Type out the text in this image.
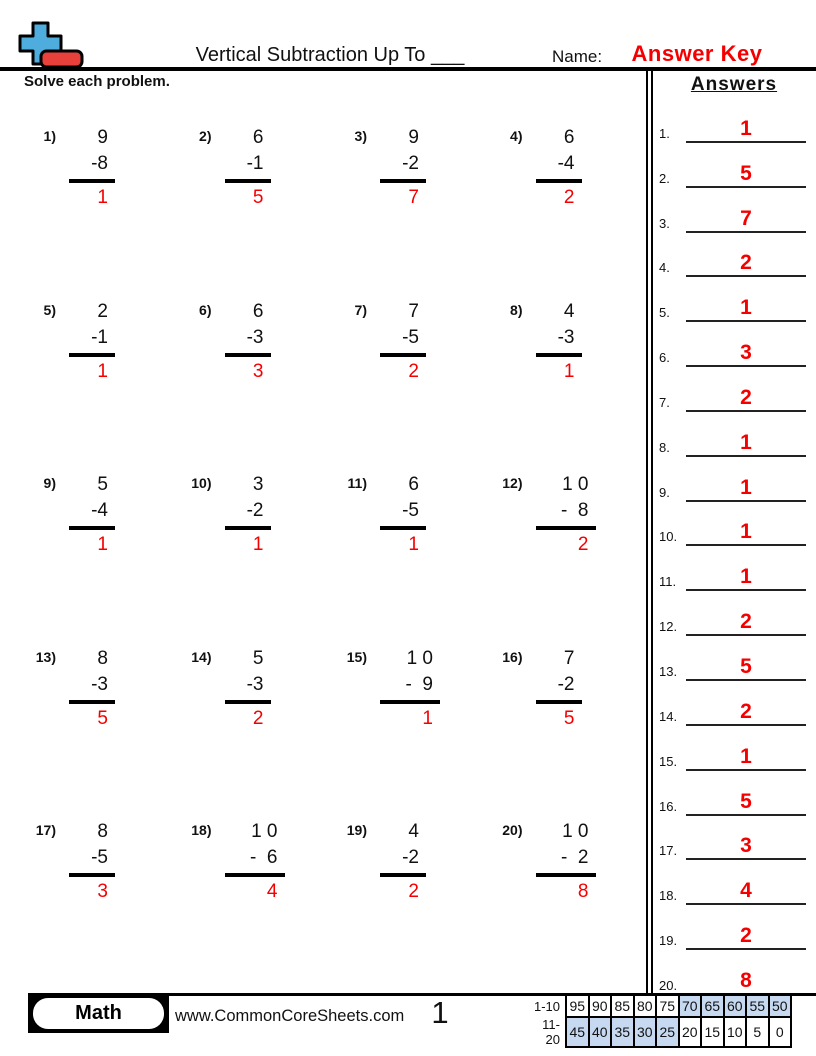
Vertical Subtraction Up To ___	Name:	Answer Key
Solve each problem.
1)	9
-8
1
2)	6
-1
5
3)	9
-2
7
4)	6
-4
2
5)	2
-1
1
6)	6
-3
3
7)	7
-5
2
8)	4
-3
1
9)	5
-4
1
10)	3
-2
1
11)	6
-5
1
12)	1 0
-  8
2
13)	8
-3
5
14)	5
-3
2
15)	1 0
-  9
1
16)	7
-2
5
17)	8
-5
3
18)	1 0
-  6
4
19)	4
-2
2
20)	1 0
-  2
8
Answers
1.	1
2.	5
3.	7
4.	2
5.	1
6.	3
7.	2
8.	1
9.	1
10.	1
11.	1
12.	2
13.	5
14.	2
15.	1
16.	5
17.	3
18.	4
19.	2
20.	8
Math	www.CommonCoreSheets.com 1	1-10	95	90	85	80	75	70	65	60	55	50
11-20	45	40	35	30	25	20	15	10	5	0
